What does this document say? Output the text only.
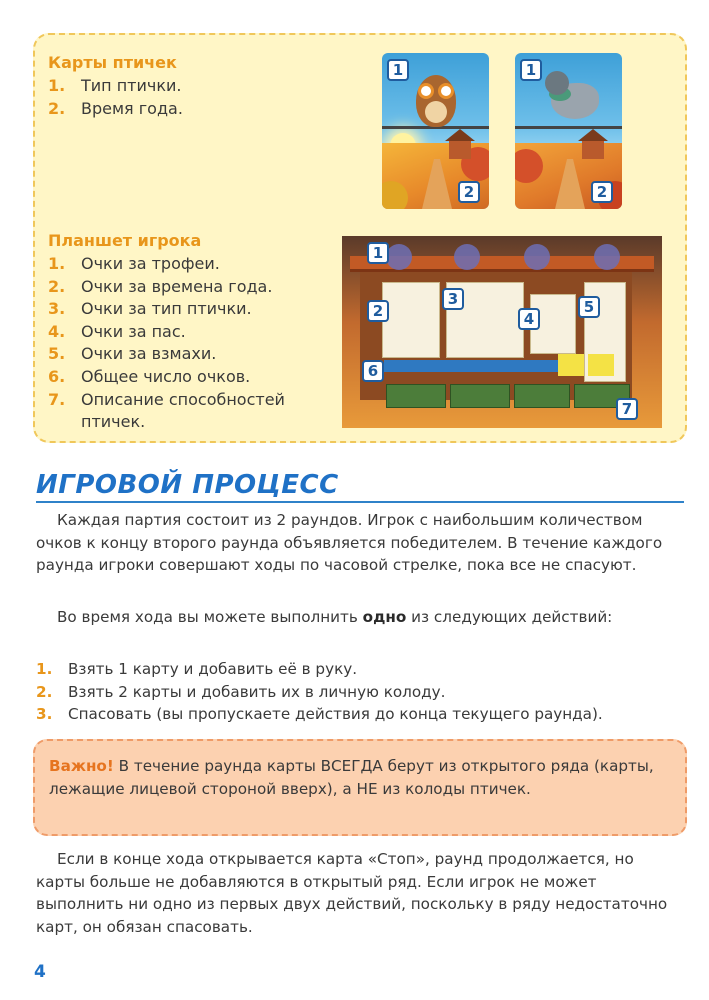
Карты птичек
1. Тип птички.
2. Время года.
Планшет игрока
1. Очки за трофеи.
2. Очки за времена года.
3. Очки за тип птички.
4. Очки за пас.
5. Очки за взмахи.
6. Общее число очков.
7. Описание способностей птичек.
1
2
1
2
1
2
3
4
5
6
7
ИГРОВОЙ ПРОЦЕСС

Каждая партия состоит из 2 раундов. Игрок с наибольшим количеством очков к концу второго раунда объявляется победителем. В течение каждого раунда игроки совершают ходы по часовой стрелке, пока все не спасуют.

Во время хода вы можете выполнить одно из следующих действий:

1.	Взять 1 карту и добавить её в руку.
2.	Взять 2 карты и добавить их в личную колоду.
3.	Спасовать (вы пропускаете действия до конца текущего раунда).

Важно! В течение раунда карты ВСЕГДА берут из открытого ряда (карты, лежащие лицевой стороной вверх), а НЕ из колоды птичек.

Если в конце хода открывается карта «Стоп», раунд продолжается, но карты больше не добавляются в открытый ряд. Если игрок не может выполнить ни одно из первых двух действий, поскольку в ряду недостаточно карт, он обязан спасовать.

4
